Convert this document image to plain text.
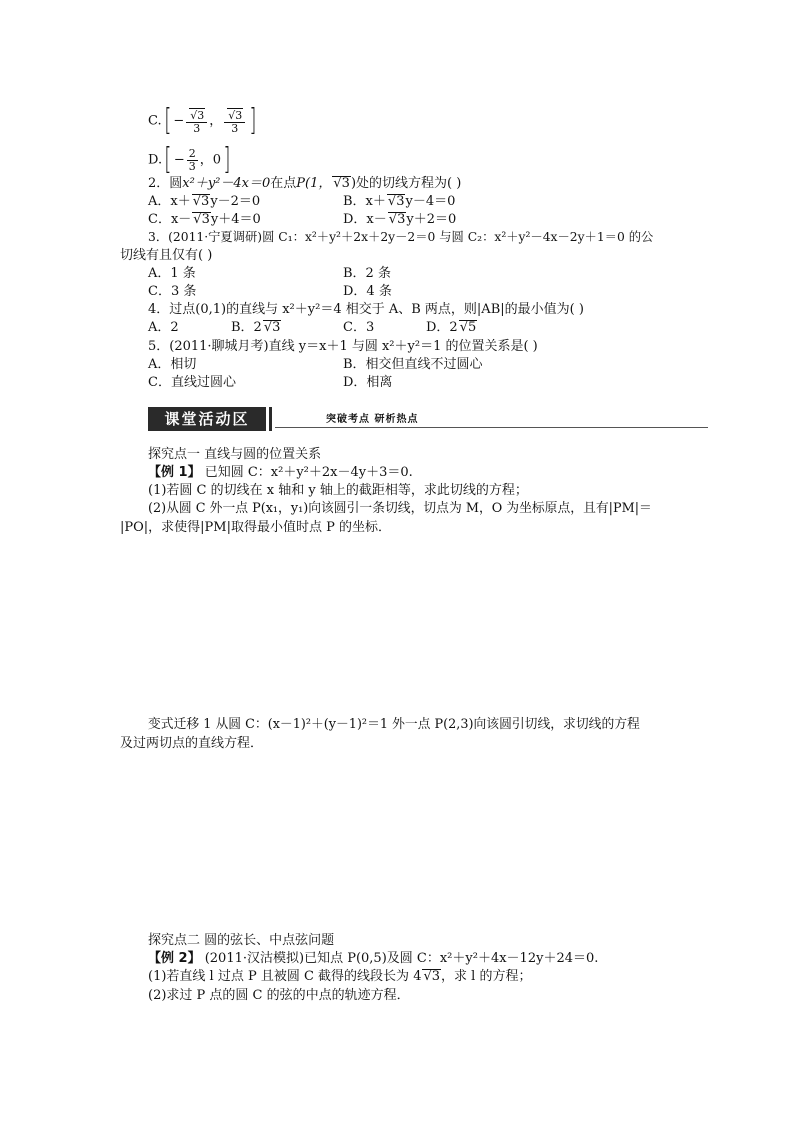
C.[ − √ $\frac{3}{3}$ ， √ $\frac{3}{3}$ ]
$D.[ - \frac{2}{3}$ ，0]
2．圆x²＋y²－4x＝0在点P(1， √ 3)处的切线方程为( )
A．x＋ √ 3y－2＝0	B．x＋ √ 3y－4＝0
C．x－ √ 3y＋4＝0	D．x－ √ 3y＋2＝0
3．(2011·宁夏调研)圆 C₁：x²＋y²＋2x＋2y－2＝0 与圆 C₂：x²＋y²－4x－2y＋1＝0 的公
切线有且仅有( )
A．1 条	B．2 条
C．3 条	D．4 条
4．过点(0,1)的直线与 x²＋y²＝4 相交于 A、B 两点，则|AB|的最小值为( )
A．2	B．2 √ 3	C．3	D．2 √ 5
5．(2011·聊城月考)直线 y＝x＋1 与圆 x²＋y²＝1 的位置关系是( )
A．相切	B．相交但直线不过圆心
C．直线过圆心	D．相离
课堂活动区	突破考点 研析热点
探究点一 直线与圆的位置关系
【例 1】 已知圆 C：x²＋y²＋2x－4y＋3＝0.
(1)若圆 C 的切线在 x 轴和 y 轴上的截距相等，求此切线的方程；
(2)从圆 C 外一点 P(x₁，y₁)向该圆引一条切线，切点为 M，O 为坐标原点，且有|PM|＝
|PO|，求使得|PM|取得最小值时点 P 的坐标．
变式迁移 1 从圆 C：(x－1)²＋(y－1)²＝1 外一点 P(2,3)向该圆引切线，求切线的方程
及过两切点的直线方程．
探究点二 圆的弦长、中点弦问题
【例 2】 (2011·汉沽模拟)已知点 P(0,5)及圆 C：x²＋y²＋4x－12y＋24＝0.
(1)若直线 l 过点 P 且被圆 C 截得的线段长为 4 √ 3，求 l 的方程；
(2)求过 P 点的圆 C 的弦的中点的轨迹方程．
